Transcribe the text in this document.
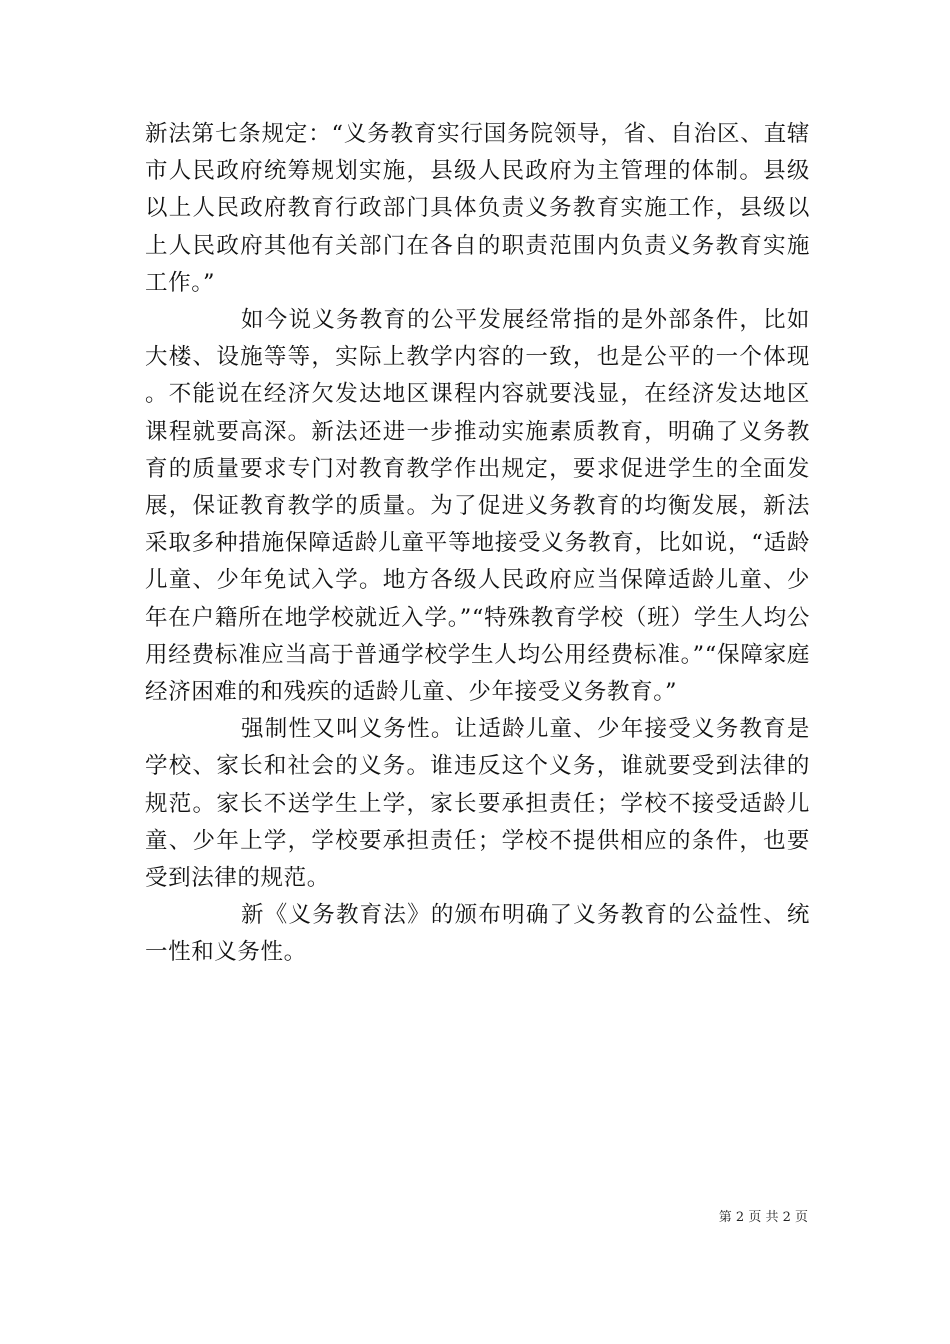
新法第七条规定：“义务教育实行国务院领导，省、自治区、直辖市人民政府统筹规划实施，县级人民政府为主管理的体制。县级以上人民政府教育行政部门具体负责义务教育实施工作，县级以上人民政府其他有关部门在各自的职责范围内负责义务教育实施工作。”

如今说义务教育的公平发展经常指的是外部条件，比如大楼、设施等等，实际上教学内容的一致，也是公平的一个体现。不能说在经济欠发达地区课程内容就要浅显，在经济发达地区课程就要高深。新法还进一步推动实施素质教育，明确了义务教育的质量要求专门对教育教学作出规定，要求促进学生的全面发展，保证教育教学的质量。为了促进义务教育的均衡发展，新法采取多种措施保障适龄儿童平等地接受义务教育，比如说，“适龄儿童、少年免试入学。地方各级人民政府应当保障适龄儿童、少年在户籍所在地学校就近入学。”“特殊教育学校（班）学生人均公用经费标准应当高于普通学校学生人均公用经费标准。”“保障家庭经济困难的和残疾的适龄儿童、少年接受义务教育。”

强制性又叫义务性。让适龄儿童、少年接受义务教育是学校、家长和社会的义务。谁违反这个义务，谁就要受到法律的规范。家长不送学生上学，家长要承担责任；学校不接受适龄儿童、少年上学，学校要承担责任；学校不提供相应的条件，也要受到法律的规范。

新《义务教育法》的颁布明确了义务教育的公益性、统一性和义务性。

第 2 页 共 2 页
